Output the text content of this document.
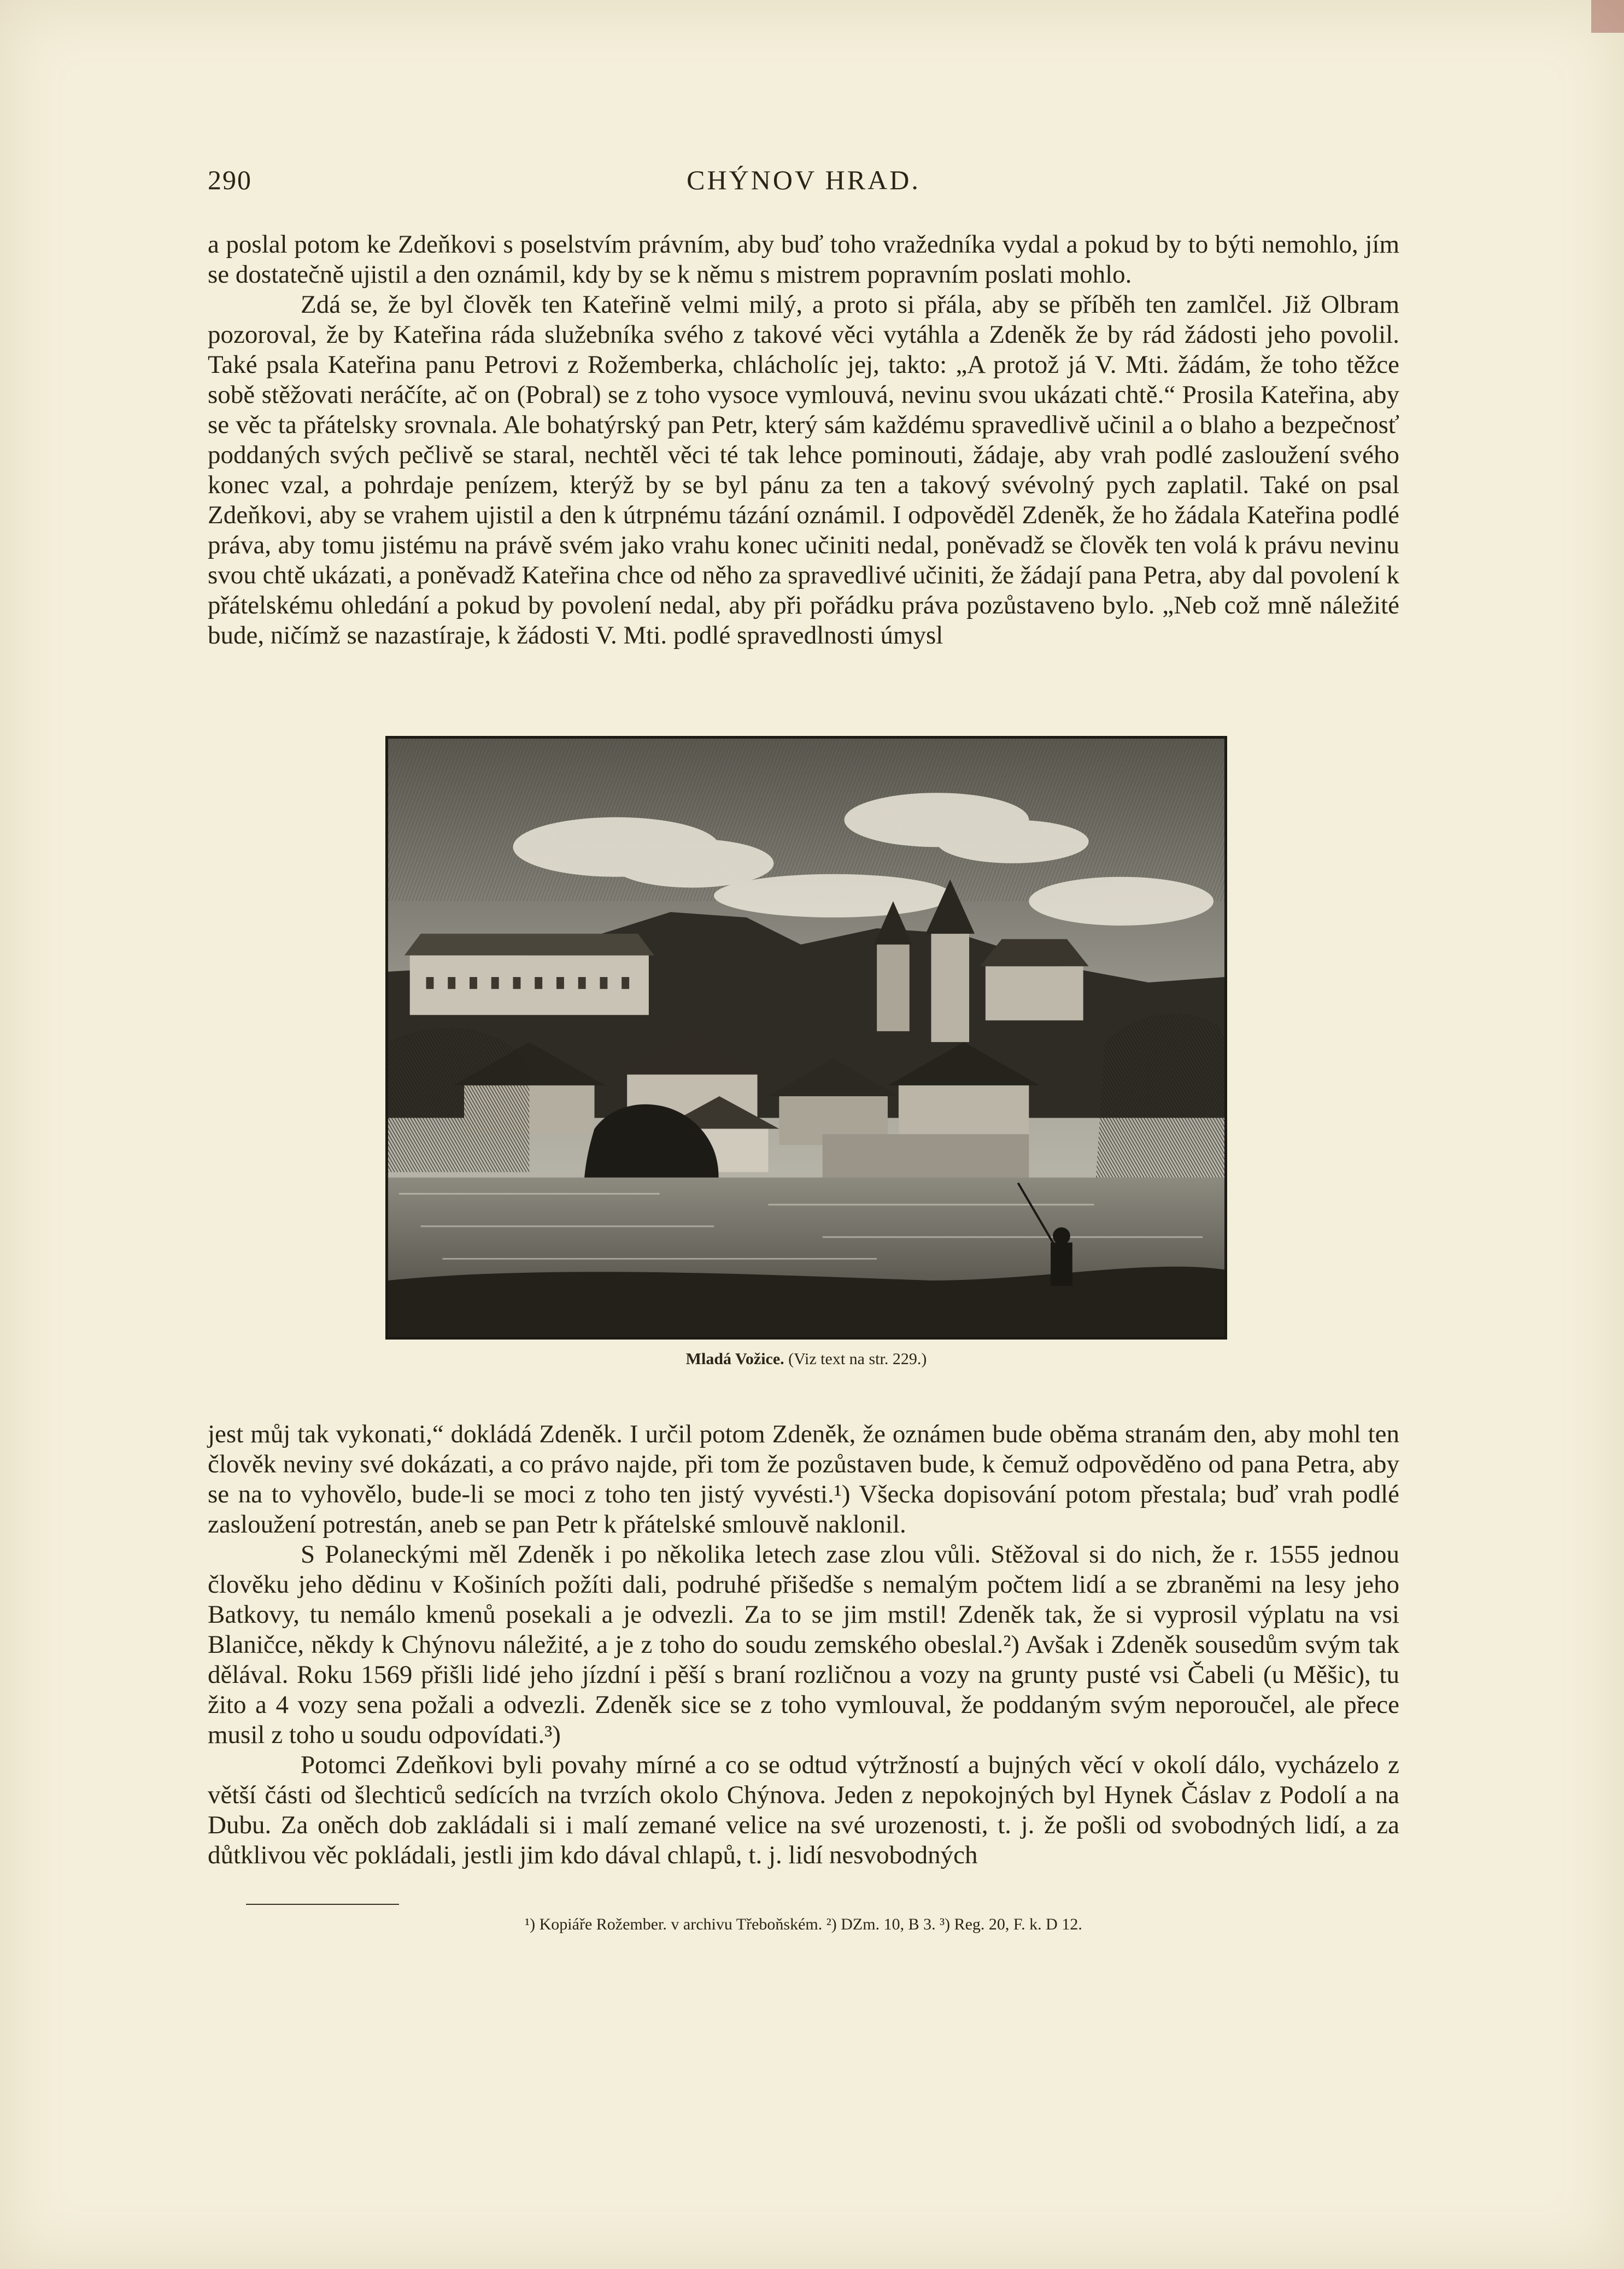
290	CHÝNOV HRAD.

a poslal potom ke Zdeňkovi s poselstvím právním, aby buď toho vražedníka vydal a pokud by to býti nemohlo, jím se dostatečně ujistil a den oznámil, kdy by se k němu s mistrem popravním poslati mohlo.

Zdá se, že byl člověk ten Kateřině velmi milý, a proto si přála, aby se příběh ten zamlčel. Již Olbram pozoroval, že by Kateřina ráda služebníka svého z takové věci vytáhla a Zdeněk že by rád žádosti jeho povolil. Také psala Kateřina panu Petrovi z Rožemberka, chlácholíc jej, takto: „A protož já V. Mti. žádám, že toho těžce sobě stěžovati neráčíte, ač on (Pobral) se z toho vysoce vymlouvá, nevinu svou ukázati chtě.“ Prosila Kateřina, aby se věc ta přátelsky srovnala. Ale bohatýrský pan Petr, který sám každému spravedlivě učinil a o blaho a bezpečnosť poddaných svých pečlivě se staral, nechtěl věci té tak lehce pominouti, žádaje, aby vrah podlé zasloužení svého konec vzal, a pohrdaje penízem, kterýž by se byl pánu za ten a takový svévolný pych zaplatil. Také on psal Zdeňkovi, aby se vrahem ujistil a den k útrpnému tázání oznámil. I odpověděl Zdeněk, že ho žádala Kateřina podlé práva, aby tomu jistému na právě svém jako vrahu konec učiniti nedal, poněvadž se člověk ten volá k právu nevinu svou chtě ukázati, a poněvadž Kateřina chce od něho za spravedlivé učiniti, že žádají pana Petra, aby dal povolení k přátelskému ohledání a pokud by povolení nedal, aby při pořádku práva pozůstaveno bylo. „Neb což mně náležité bude, ničímž se nazastíraje, k žádosti V. Mti. podlé spravedlnosti úmysl

Mladá Vožice. (Viz text na str. 229.)

jest můj tak vykonati,“ dokládá Zdeněk. I určil potom Zdeněk, že oznámen bude oběma stranám den, aby mohl ten člověk neviny své dokázati, a co právo najde, při tom že pozůstaven bude, k čemuž odpověděno od pana Petra, aby se na to vyhovělo, bude-li se moci z toho ten jistý vyvésti.¹) Všecka dopisování potom přestala; buď vrah podlé zasloužení potrestán, aneb se pan Petr k přátelské smlouvě naklonil.

S Polaneckými měl Zdeněk i po několika letech zase zlou vůli. Stěžoval si do nich, že r. 1555 jednou člověku jeho dědinu v Košiních požíti dali, podruhé přišedše s nemalým počtem lidí a se zbraněmi na lesy jeho Batkovy, tu nemálo kmenů posekali a je odvezli. Za to se jim mstil! Zdeněk tak, že si vyprosil výplatu na vsi Blaničce, někdy k Chýnovu náležité, a je z toho do soudu zemského obeslal.²) Avšak i Zdeněk sousedům svým tak dělával. Roku 1569 přišli lidé jeho jízdní i pěší s braní rozličnou a vozy na grunty pusté vsi Čabeli (u Měšic), tu žito a 4 vozy sena požali a odvezli. Zdeněk sice se z toho vymlouval, že poddaným svým neporoučel, ale přece musil z toho u soudu odpovídati.³)

Potomci Zdeňkovi byli povahy mírné a co se odtud výtržností a bujných věcí v okolí dálo, vycházelo z větší části od šlechticů sedících na tvrzích okolo Chýnova. Jeden z nepokojných byl Hynek Čáslav z Podolí a na Dubu. Za oněch dob zakládali si i malí zemané velice na své urozenosti, t. j. že pošli od svobodných lidí, a za důtklivou věc pokládali, jestli jim kdo dával chlapů, t. j. lidí nesvobodných

¹) Kopiáře Rožember. v archivu Třeboňském. ²) DZm. 10, B 3. ³) Reg. 20, F. k. D 12.
